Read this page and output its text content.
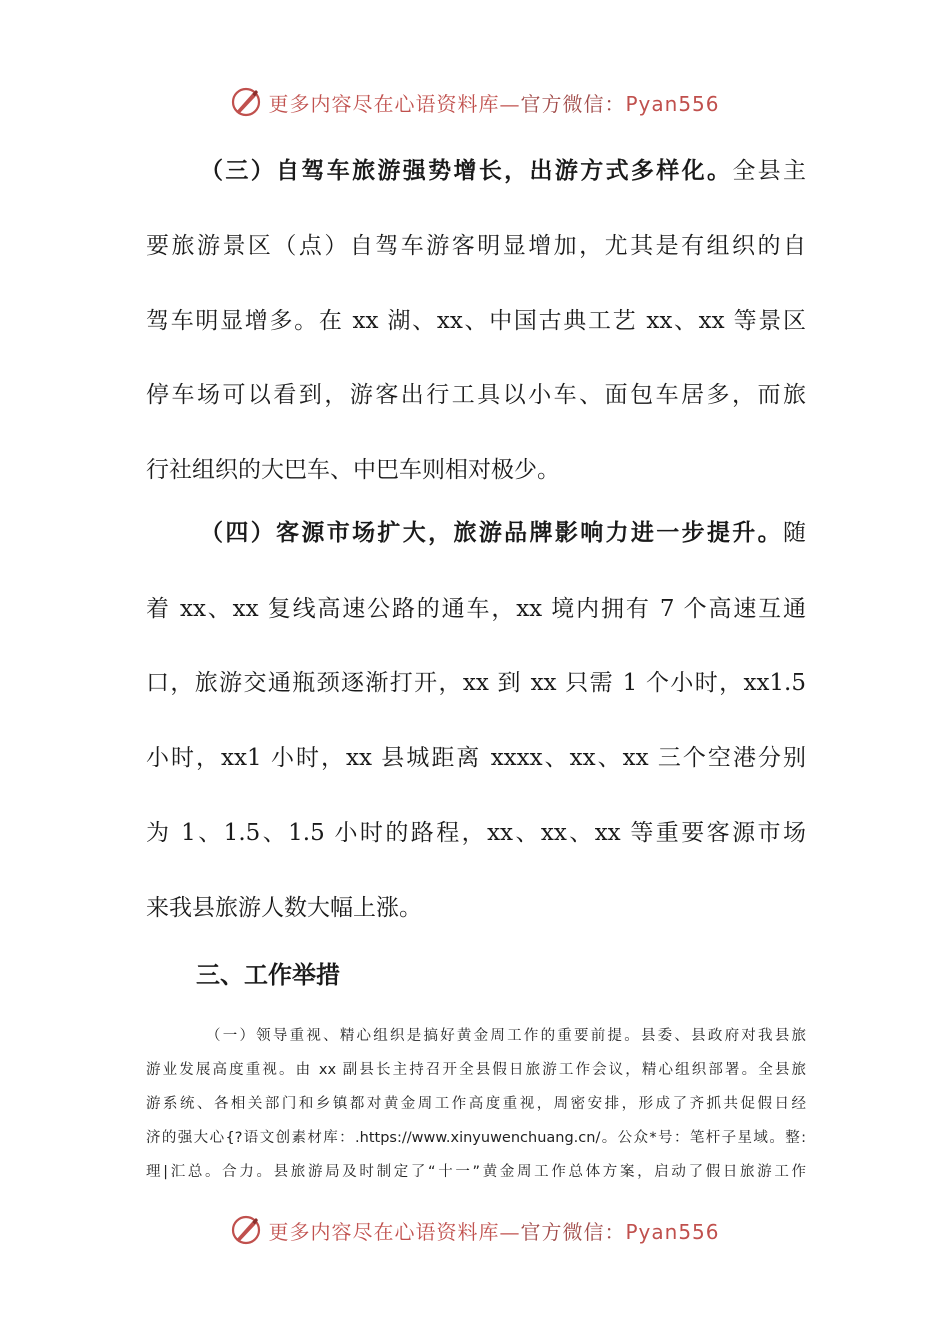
更多内容尽在心语资料库—官方微信：Pyan556
（三）自驾车旅游强势增长，出游方式多样化。全县主
要旅游景区（点）自驾车游客明显增加，尤其是有组织的自
驾车明显增多。在 xx 湖、xx、中国古典工艺 xx、xx 等景区
停车场可以看到，游客出行工具以小车、面包车居多，而旅
行社组织的大巴车、中巴车则相对极少。
（四）客源市场扩大，旅游品牌影响力进一步提升。随
着 xx、xx 复线高速公路的通车，xx 境内拥有 7 个高速互通
口，旅游交通瓶颈逐渐打开，xx 到 xx 只需 1 个小时，xx1.5
小时，xx1 小时，xx 县城距离 xxxx、xx、xx 三个空港分别
为 1、1.5、1.5 小时的路程，xx、xx、xx 等重要客源市场
来我县旅游人数大幅上涨。
三、工作举措
（一）领导重视、精心组织是搞好黄金周工作的重要前提。县委、县政府对我县旅
游业发展高度重视。由 xx 副县长主持召开全县假日旅游工作会议，精心组织部署。全县旅
游系统、各相关部门和乡镇都对黄金周工作高度重视，周密安排，形成了齐抓共促假日经
济的强大心{?语文创素材库：.https://www.xinyuwenchuang.cn/。公众*号：笔杆子星域。整:
理|汇总。合力。县旅游局及时制定了“十一”黄金周工作总体方案，启动了假日旅游工作
更多内容尽在心语资料库—官方微信：Pyan556
